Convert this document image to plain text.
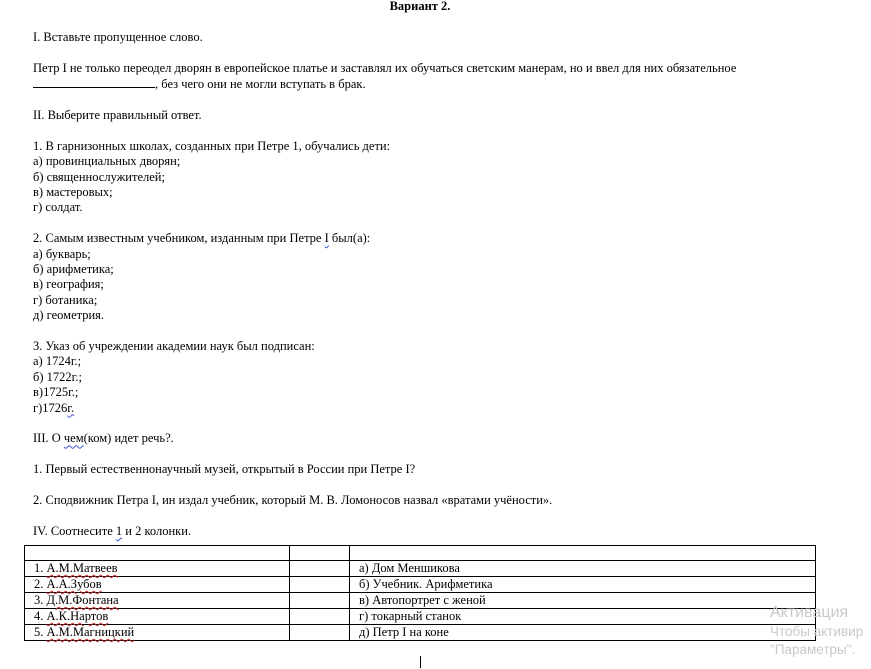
Вариант 2.

I. Вставьте пропущенное слово.

Петр I не только переодел дворян в европейское платье и заставлял их обучаться светским манерам, но и ввел для них обязательное

, без чего они не могли вступать в брак.

II. Выберите правильный ответ.

1. В гарнизонных школах, созданных при Петре 1, обучались дети:

а) провинциальных дворян;

б) священнослужителей;

в) мастеровых;

г) солдат.

2. Самым известным учебником, изданным при Петре I был(а):

а) букварь;

б) арифметика;

в) география;

г) ботаника;

д) геометрия.

3. Указ об учреждении академии наук был подписан:

а) 1724г.;

б) 1722г.;

в)1725г.;

г)1726г.

III. О чем(ком) идет речь?.

1. Первый естественнонаучный музей, открытый в России при Петре I?

2. Сподвижник Петра I, ин издал учебник, который М. В. Ломоносов назвал «вратами учёности».

IV. Соотнесите 1 и 2 колонки.

1. А.М.Матвеев		а) Дом Меншикова
2. А.А.Зубов		б) Учебник. Арифметика
3. Д.М.Фонтана		в) Автопортрет с женой
4. А.К.Нартов		г) токарный станок
5. А.М.Магницкий		д) Петр I на коне
Активация
Чтобы активир
"Параметры".
